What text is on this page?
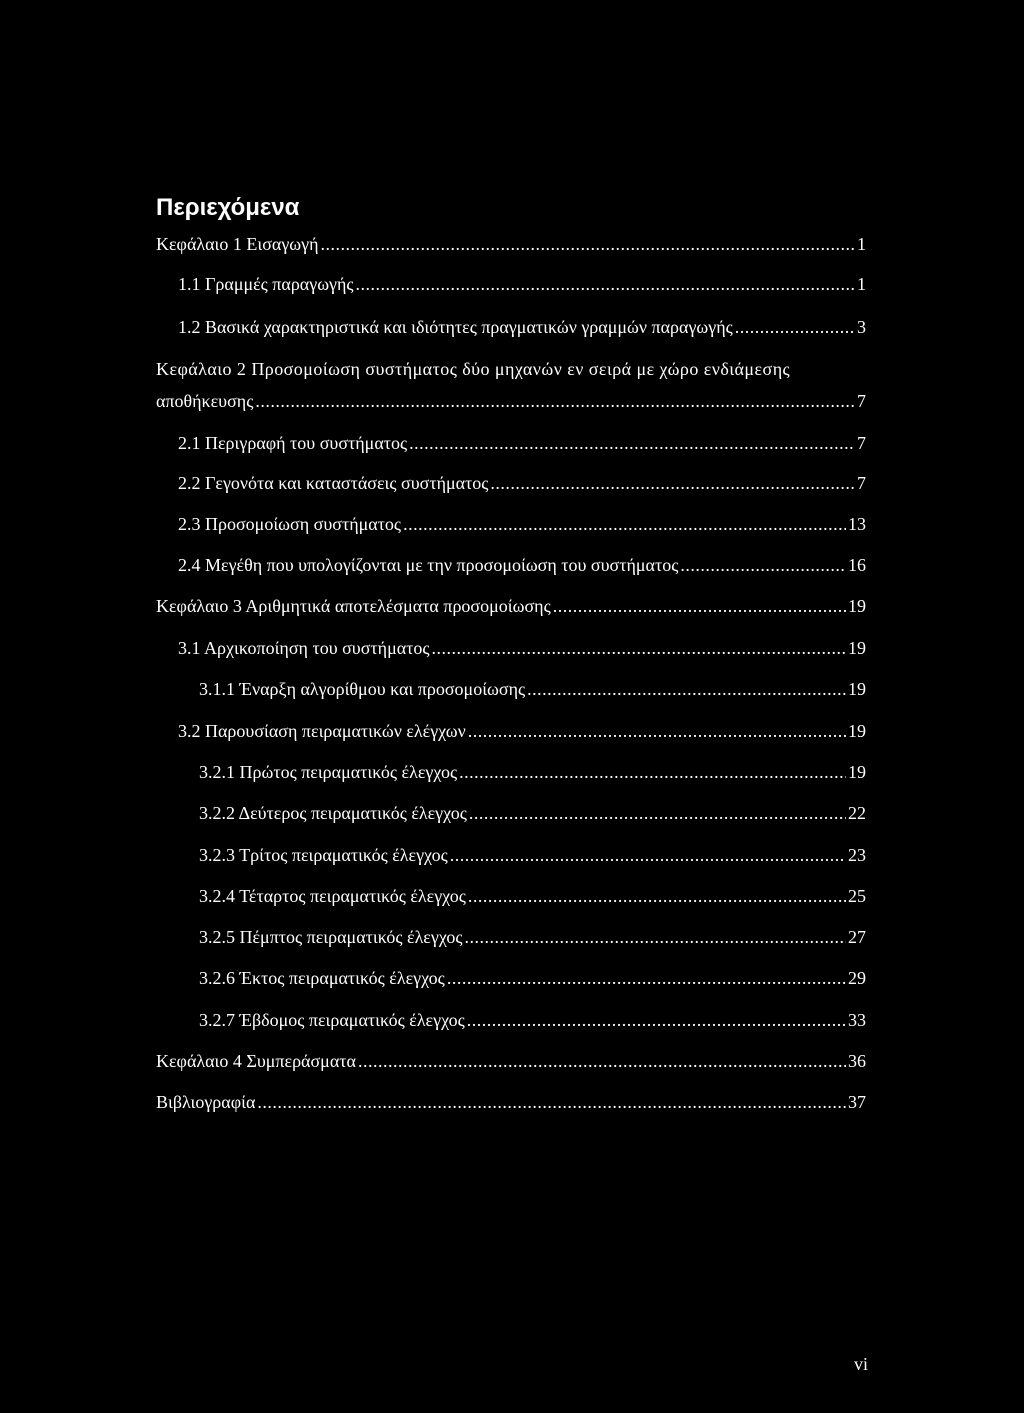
Περιεχόμενα
Κεφάλαιο 1 Εισαγωγή .....	1
1.1 Γραμμές παραγωγής .....	1
1.2 Βασικά χαρακτηριστικά και ιδιότητες πραγματικών γραμμών παραγωγής .....	3
Κεφάλαιο 2 Προσομοίωση συστήματος δύο μηχανών εν σειρά με χώρο ενδιάμεσης
αποθήκευσης .....	7
2.1 Περιγραφή του συστήματος .....	7
2.2 Γεγονότα και καταστάσεις συστήματος .....	7
2.3 Προσομοίωση συστήματος .....	13
2.4 Μεγέθη που υπολογίζονται με την προσομοίωση του συστήματος .....	16
Κεφάλαιο 3 Αριθμητικά αποτελέσματα προσομοίωσης .....	19
3.1 Αρχικοποίηση του συστήματος .....	19
3.1.1 Έναρξη αλγορίθμου και προσομοίωσης .....	19
3.2 Παρουσίαση πειραματικών ελέγχων .....	19
3.2.1 Πρώτος πειραματικός έλεγχος .....	19
3.2.2 Δεύτερος πειραματικός έλεγχος .....	22
3.2.3 Τρίτος πειραματικός έλεγχος .....	23
3.2.4 Τέταρτος πειραματικός έλεγχος .....	25
3.2.5 Πέμπτος πειραματικός έλεγχος .....	27
3.2.6 Έκτος πειραματικός έλεγχος .....	29
3.2.7 Έβδομος πειραματικός έλεγχος .....	33
Κεφάλαιο 4 Συμπεράσματα .....	36
Βιβλιογραφία .....	37
vi
